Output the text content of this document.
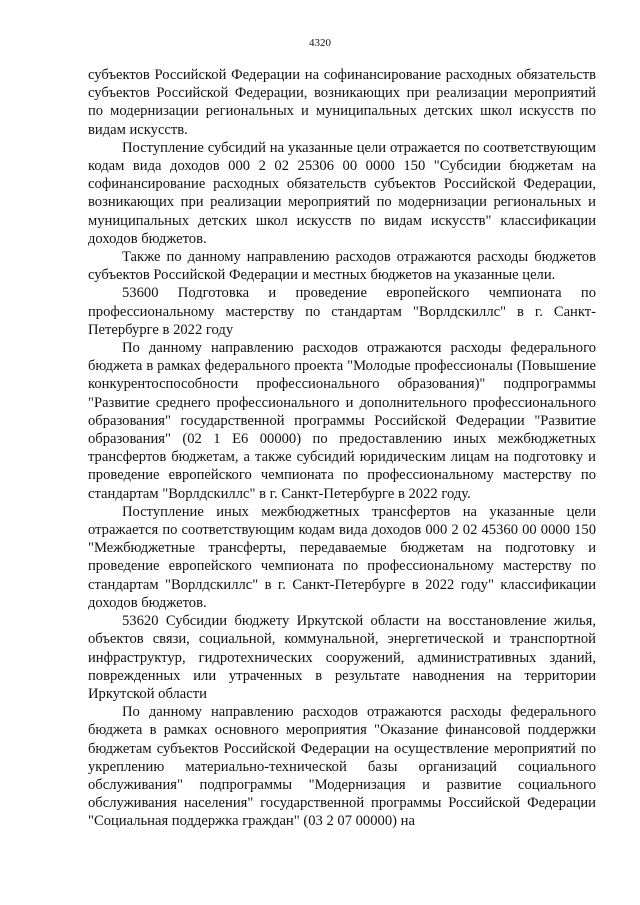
4320

субъектов Российской Федерации на софинансирование расходных обязательств субъектов Российской Федерации, возникающих при реализации мероприятий по модернизации региональных и муниципальных детских школ искусств по видам искусств.

Поступление субсидий на указанные цели отражается по соответствующим кодам вида доходов 000 2 02 25306 00 0000 150 "Субсидии бюджетам на софинансирование расходных обязательств субъектов Российской Федерации, возникающих при реализации мероприятий по модернизации региональных и муниципальных детских школ искусств по видам искусств" классификации доходов бюджетов.

Также по данному направлению расходов отражаются расходы бюджетов субъектов Российской Федерации и местных бюджетов на указанные цели.

53600 Подготовка и проведение европейского чемпионата по профессиональному мастерству по стандартам "Ворлдскиллс" в г. Санкт-Петербурге в 2022 году

По данному направлению расходов отражаются расходы федерального бюджета в рамках федерального проекта "Молодые профессионалы (Повышение конкурентоспособности профессионального образования)" подпрограммы "Развитие среднего профессионального и дополнительного профессионального образования" государственной программы Российской Федерации "Развитие образования" (02 1 Е6 00000) по предоставлению иных межбюджетных трансфертов бюджетам, а также субсидий юридическим лицам на подготовку и проведение европейского чемпионата по профессиональному мастерству по стандартам "Ворлдскиллс" в г. Санкт-Петербурге в 2022 году.

Поступление иных межбюджетных трансфертов на указанные цели отражается по соответствующим кодам вида доходов 000 2 02 45360 00 0000 150 "Межбюджетные трансферты, передаваемые бюджетам на подготовку и проведение европейского чемпионата по профессиональному мастерству по стандартам "Ворлдскиллс" в г. Санкт-Петербурге в 2022 году" классификации доходов бюджетов.

53620 Субсидии бюджету Иркутской области на восстановление жилья, объектов связи, социальной, коммунальной, энергетической и транспортной инфраструктур, гидротехнических сооружений, административных зданий, поврежденных или утраченных в результате наводнения на территории Иркутской области

По данному направлению расходов отражаются расходы федерального бюджета в рамках основного мероприятия "Оказание финансовой поддержки бюджетам субъектов Российской Федерации на осуществление мероприятий по укреплению материально-технической базы организаций социального обслуживания" подпрограммы "Модернизация и развитие социального обслуживания населения" государственной программы Российской Федерации "Социальная поддержка граждан" (03 2 07 00000) на
